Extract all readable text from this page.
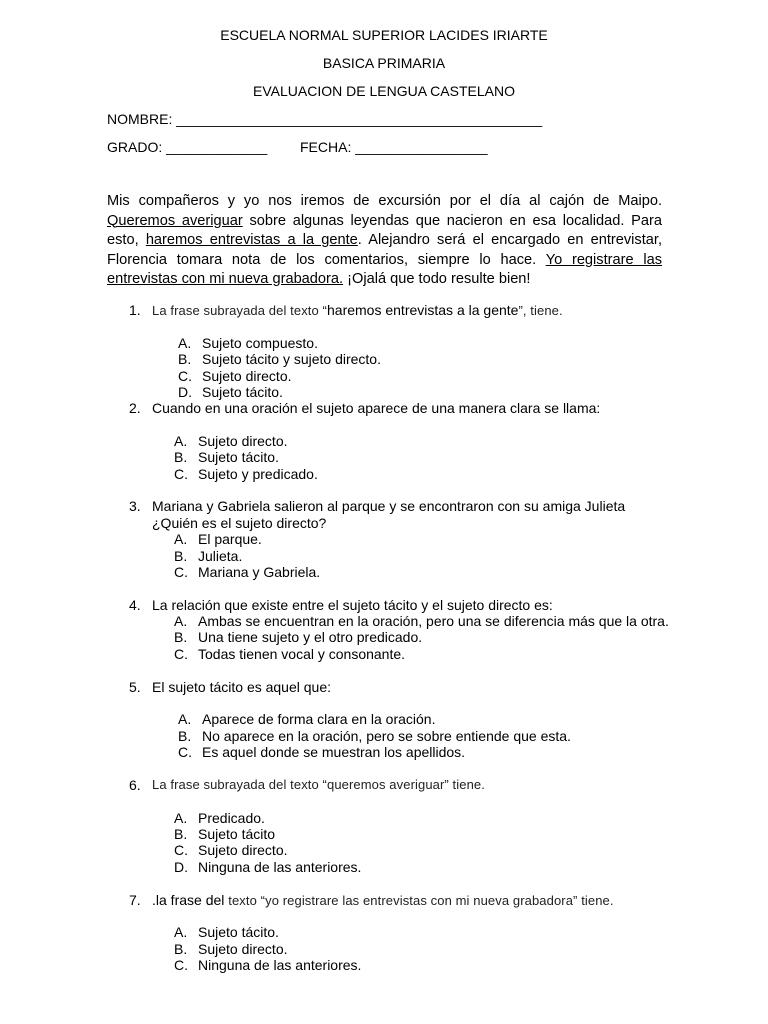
ESCUELA NORMAL SUPERIOR LACIDES IRIARTE
BASICA PRIMARIA
EVALUACION DE LENGUA CASTELANO
NOMBRE: _______________________________________________
GRADO: _____________ FECHA: _________________
Mis compañeros y yo nos iremos de excursión por el día al cajón de Maipo. Queremos averiguar sobre algunas leyendas que nacieron en esa localidad. Para esto, haremos entrevistas a la gente. Alejandro será el encargado en entrevistar, Florencia tomara nota de los comentarios, siempre lo hace. Yo registrare las entrevistas con mi nueva grabadora. ¡Ojalá que todo resulte bien!
1. La frase subrayada del texto “haremos entrevistas a la gente”, tiene.
A. Sujeto compuesto.
B. Sujeto tácito y sujeto directo.
C. Sujeto directo.
D. Sujeto tácito.
2. Cuando en una oración el sujeto aparece de una manera clara se llama:
A. Sujeto directo.
B. Sujeto tácito.
C. Sujeto y predicado.
3. Mariana y Gabriela salieron al parque y se encontraron con su amiga Julieta ¿Quién es el sujeto directo?
A. El parque.
B. Julieta.
C. Mariana y Gabriela.
4. La relación que existe entre el sujeto tácito y el sujeto directo es:
A. Ambas se encuentran en la oración, pero una se diferencia más que la otra.
B. Una tiene sujeto y el otro predicado.
C. Todas tienen vocal y consonante.
5. El sujeto tácito es aquel que:
A. Aparece de forma clara en la oración.
B. No aparece en la oración, pero se sobre entiende que esta.
C. Es aquel donde se muestran los apellidos.
6. La frase subrayada del texto “queremos averiguar” tiene.
A. Predicado.
B. Sujeto tácito
C. Sujeto directo.
D. Ninguna de las anteriores.
7. .la frase del texto “yo registrare las entrevistas con mi nueva grabadora” tiene.
A. Sujeto tácito.
B. Sujeto directo.
C. Ninguna de las anteriores.
